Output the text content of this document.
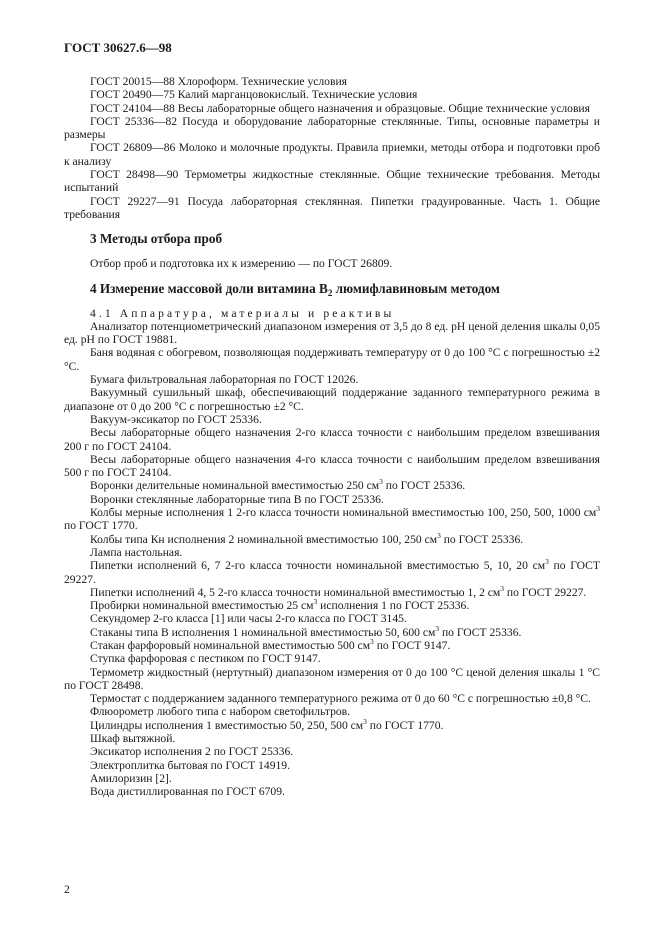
ГОСТ 30627.6—98

ГОСТ 20015—88 Хлороформ. Технические условия

ГОСТ 20490—75 Калий марганцовокислый. Технические условия

ГОСТ 24104—88 Весы лабораторные общего назначения и образцовые. Общие технические условия

ГОСТ 25336—82 Посуда и оборудование лабораторные стеклянные. Типы, основные параметры и размеры

ГОСТ 26809—86 Молоко и молочные продукты. Правила приемки, методы отбора и подготовки проб к анализу

ГОСТ 28498—90 Термометры жидкостные стеклянные. Общие технические требования. Методы испытаний

ГОСТ 29227—91 Посуда лабораторная стеклянная. Пипетки градуированные. Часть 1. Общие требования

3 Методы отбора проб

Отбор проб и подготовка их к измерению — по ГОСТ 26809.

4 Измерение массовой доли витамина $B_2$ люмифлавиновым методом

4.1 Аппаратура, материалы и реактивы

Анализатор потенциометрический диапазоном измерения от 3,5 до 8 ед. pH ценой деления шкалы 0,05 ед. pH по ГОСТ 19881.

Баня водяная с обогревом, позволяющая поддерживать температуру от 0 до 100 °C с погрешностью ±2 °C.

Бумага фильтровальная лабораторная по ГОСТ 12026.

Вакуумный сушильный шкаф, обеспечивающий поддержание заданного температурного режима в диапазоне от 0 до 200 °C с погрешностью ±2 °C.

Вакуум-эксикатор по ГОСТ 25336.

Весы лабораторные общего назначения 2-го класса точности с наибольшим пределом взвешивания 200 г по ГОСТ 24104.

Весы лабораторные общего назначения 4-го класса точности с наибольшим пределом взвешивания 500 г по ГОСТ 24104.

Воронки делительные номинальной вместимостью 250 $см^3$ по ГОСТ 25336.

Воронки стеклянные лабораторные типа В по ГОСТ 25336.

Колбы мерные исполнения 1 2-го класса точности номинальной вместимостью 100, 250, 500, 1000 $см^3$ по ГОСТ 1770.

Колбы типа Кн исполнения 2 номинальной вместимостью 100, 250 $см^3$ по ГОСТ 25336.

Лампа настольная.

Пипетки исполнений 6, 7 2-го класса точности номинальной вместимостью 5, 10, 20 $см^3$ по ГОСТ 29227.

Пипетки исполнений 4, 5 2-го класса точности номинальной вместимостью 1, 2 $см^3$ по ГОСТ 29227.

Пробирки номинальной вместимостью 25 $см^3$ исполнения 1 по ГОСТ 25336.

Секундомер 2-го класса [1] или часы 2-го класса по ГОСТ 3145.

Стаканы типа В исполнения 1 номинальной вместимостью 50, 600 $см^3$ по ГОСТ 25336.

Стакан фарфоровый номинальной вместимостью 500 $см^3$ по ГОСТ 9147.

Ступка фарфоровая с пестиком по ГОСТ 9147.

Термометр жидкостный (нертутный) диапазоном измерения от 0 до 100 °C ценой деления шкалы 1 °C по ГОСТ 28498.

Термостат с поддержанием заданного температурного режима от 0 до 60 °C с погрешностью ±0,8 °C.

Флюорометр любого типа с набором светофильтров.

Цилиндры исполнения 1 вместимостью 50, 250, 500 $см^3$ по ГОСТ 1770.

Шкаф вытяжной.

Эксикатор исполнения 2 по ГОСТ 25336.

Электроплитка бытовая по ГОСТ 14919.

Амилоризин [2].

Вода дистиллированная по ГОСТ 6709.

2
